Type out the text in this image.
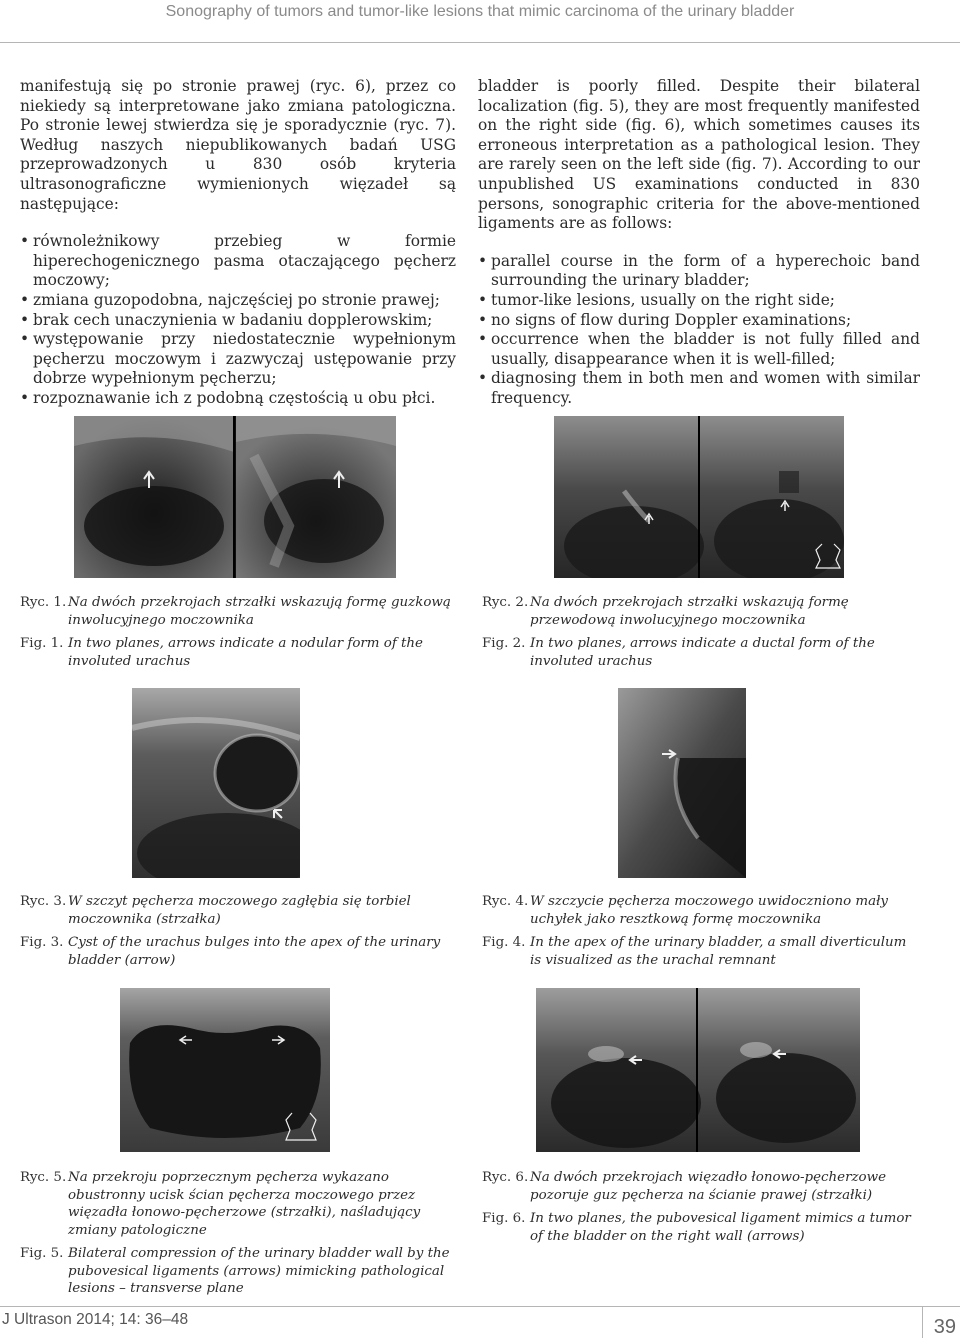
Sonography of tumors and tumor-like lesions that mimic carcinoma of the urinary bladder

manifestują się po stronie prawej (ryc. 6), przez co niekiedy są interpretowane jako zmiana patologiczna. Po stronie lewej stwierdza się je sporadycznie (ryc. 7). Według naszych niepublikowanych badań USG przeprowadzonych u 830 osób kryteria ultrasonograficzne wymienionych więzadeł są następujące:

• równoleżnikowy przebieg w formie hiperechogenicznego pasma otaczającego pęcherz moczowy;
• zmiana guzopodobna, najczęściej po stronie prawej;
• brak cech unaczynienia w badaniu dopplerowskim;
• występowanie przy niedostatecznie wypełnionym pęcherzu moczowym i zazwyczaj ustępowanie przy dobrze wypełnionym pęcherzu;
• rozpoznawanie ich z podobną częstością u obu płci.

bladder is poorly filled. Despite their bilateral localization (fig. 5), they are most frequently manifested on the right side (fig. 6), which sometimes causes its erroneous interpretation as a pathological lesion. They are rarely seen on the left side (fig. 7). According to our unpublished US examinations conducted in 830 persons, sonographic criteria for the above-mentioned ligaments are as follows:

• parallel course in the form of a hyperechoic band surrounding the urinary bladder;
• tumor-like lesions, usually on the right side;
• no signs of flow during Doppler examinations;
• occurrence when the bladder is not fully filled and usually, disappearance when it is well-filled;
• diagnosing them in both men and women with similar frequency.
Ryc. 1. Na dwóch przekrojach strzałki wskazują formę guzkową inwolucyjnego moczownika
Fig. 1. In two planes, arrows indicate a nodular form of the involuted urachus
Ryc. 2. Na dwóch przekrojach strzałki wskazują formę przewodową inwolucyjnego moczownika
Fig. 2. In two planes, arrows indicate a ductal form of the involuted urachus
Ryc. 3. W szczyt pęcherza moczowego zagłębia się torbiel moczownika (strzałka)
Fig. 3. Cyst of the urachus bulges into the apex of the urinary bladder (arrow)
Ryc. 4. W szczycie pęcherza moczowego uwidoczniono mały uchyłek jako resztkową formę moczownika
Fig. 4. In the apex of the urinary bladder, a small diverticulum is visualized as the urachal remnant
Ryc. 5. Na przekroju poprzecznym pęcherza wykazano obustronny ucisk ścian pęcherza moczowego przez więzadła łonowo-pęcherzowe (strzałki), naśladujący zmiany patologiczne
Fig. 5. Bilateral compression of the urinary bladder wall by the pubovesical ligaments (arrows) mimicking pathological lesions – transverse plane
Ryc. 6. Na dwóch przekrojach więzadło łonowo-pęcherzowe pozoruje guz pęcherza na ścianie prawej (strzałki)
Fig. 6. In two planes, the pubovesical ligament mimics a tumor of the bladder on the right wall (arrows)
J Ultrason 2014; 14: 36–48	39
